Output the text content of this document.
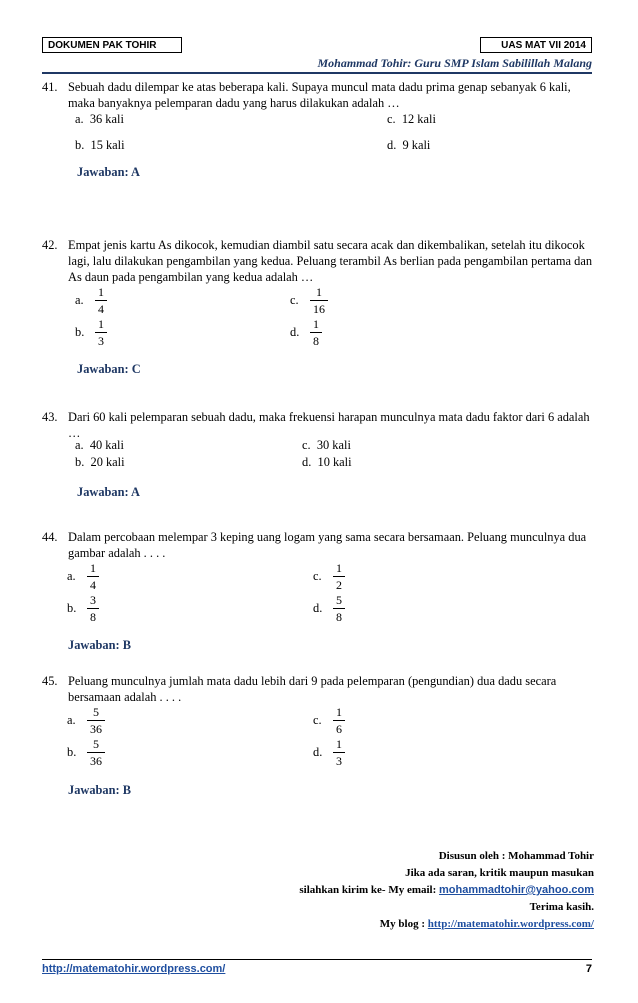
DOKUMEN PAK TOHIR	UAS MAT VII 2014
Mohammad Tohir: Guru SMP Islam Sabilillah Malang
41. Sebuah dadu dilempar ke atas beberapa kali. Supaya muncul mata dadu prima genap sebanyak 6 kali, maka banyaknya pelemparan dadu yang harus dilakukan adalah …
a. 36 kali	c. 12 kali
b. 15 kali	d. 9 kali
Jawaban: A
42. Empat jenis kartu As dikocok, kemudian diambil satu secara acak dan dikembalikan, setelah itu dikocok lagi, lalu dilakukan pengambilan yang kedua. Peluang terambil As berlian pada pengambilan pertama dan As daun pada pengambilan yang kedua adalah …
a. $\frac{1}{4}$	c. $\frac{1}{16}$
b. $\frac{1}{3}$	d. $\frac{1}{8}$
Jawaban: C
43. Dari 60 kali pelemparan sebuah dadu, maka frekuensi harapan munculnya mata dadu faktor dari 6 adalah …
a. 40 kali	c. 30 kali
b. 20 kali	d. 10 kali
Jawaban: A
44. Dalam percobaan melempar 3 keping uang logam yang sama secara bersamaan. Peluang munculnya dua gambar adalah . . . .
a. $\frac{1}{4}$	c. $\frac{1}{2}$
b. $\frac{3}{8}$	d. $\frac{5}{8}$
Jawaban: B
45. Peluang munculnya jumlah mata dadu lebih dari 9 pada pelemparan (pengundian) dua dadu secara bersamaan adalah . . . .
a. $\frac{5}{36}$	c. $\frac{1}{6}$
b. $\frac{5}{36}$	d. $\frac{1}{3}$
Jawaban: B
Disusun oleh : Mohammad Tohir
Jika ada saran, kritik maupun masukan
silahkan kirim ke- My email: mohammadtohir@yahoo.com
Terima kasih.
My blog : http://matematohir.wordpress.com/
http://matematohir.wordpress.com/	7
